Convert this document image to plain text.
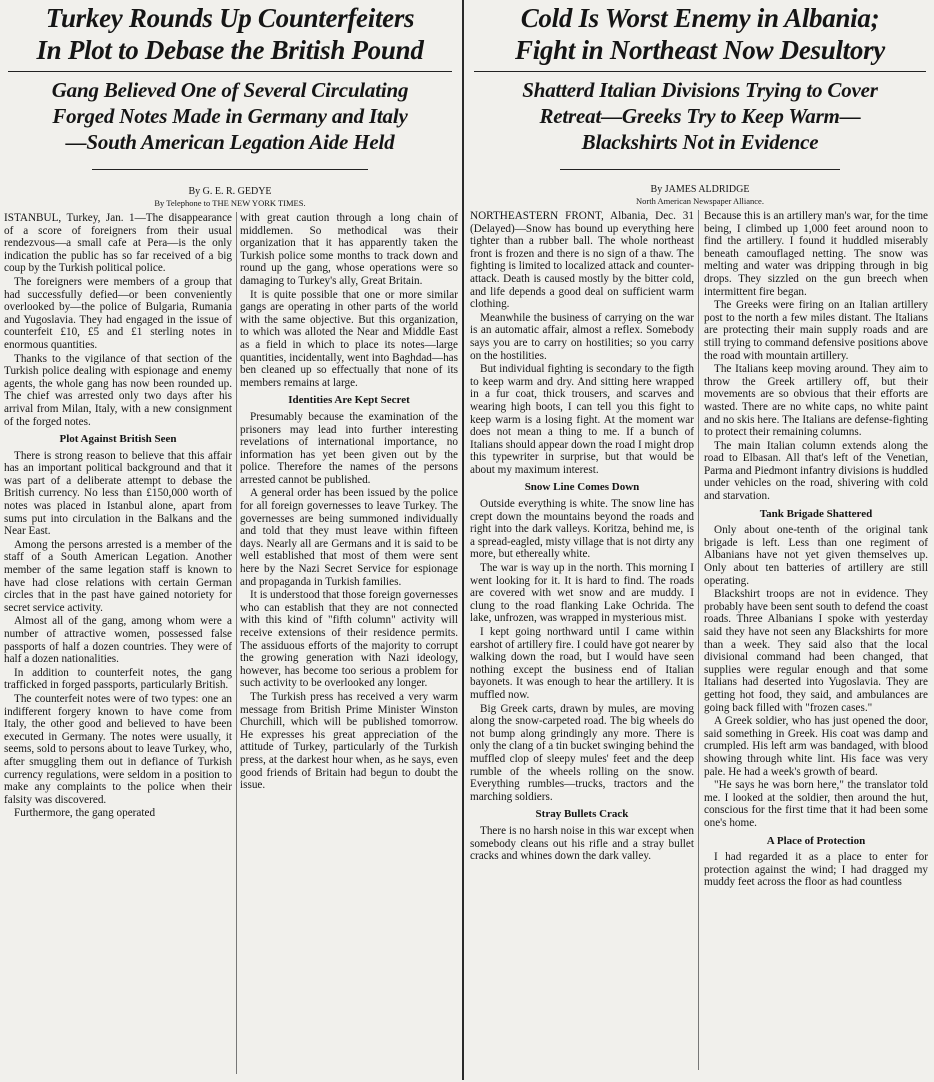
Turkey Rounds Up Counterfeiters
In Plot to Debase the British Pound
Gang Believed One of Several Circulating
Forged Notes Made in Germany and Italy
—South American Legation Aide Held
By G. E. R. GEDYE
By Telephone to THE NEW YORK TIMES.

ISTANBUL, Turkey, Jan. 1—The disappearance of a score of foreigners from their usual rendezvous—a small cafe at Pera—is the only indication the public has so far received of a big coup by the Turkish political police.

The foreigners were members of a group that had successfully defied—or been conveniently overlooked by—the police of Bulgaria, Rumania and Yugoslavia. They had engaged in the issue of counterfeit £10, £5 and £1 sterling notes in enormous quantities.

Thanks to the vigilance of that section of the Turkish police dealing with espionage and enemy agents, the whole gang has now been rounded up. The chief was arrested only two days after his arrival from Milan, Italy, with a new consignment of the forged notes.

Plot Against British Seen

There is strong reason to believe that this affair has an important political background and that it was part of a deliberate attempt to debase the British currency. No less than £150,000 worth of notes was placed in Istanbul alone, apart from sums put into circulation in the Balkans and the Near East.

Among the persons arrested is a member of the staff of a South American Legation. Another member of the same legation staff is known to have had close relations with certain German circles that in the past have gained notoriety for secret service activity.

Almost all of the gang, among whom were a number of attractive women, possessed false passports of half a dozen countries. They were of half a dozen nationalities.

In addition to counterfeit notes, the gang trafficked in forged passports, particularly British.

The counterfeit notes were of two types: one an indifferent forgery known to have come from Italy, the other good and believed to have been executed in Germany. The notes were usually, it seems, sold to persons about to leave Turkey, who, after smuggling them out in defiance of Turkish currency regulations, were seldom in a position to make any complaints to the police when their falsity was discovered.

Furthermore, the gang operated

with great caution through a long chain of middlemen. So methodical was their organization that it has apparently taken the Turkish police some months to track down and round up the gang, whose operations were so damaging to Turkey's ally, Great Britain.

It is quite possible that one or more similar gangs are operating in other parts of the world with the same objective. But this organization, to which was alloted the Near and Middle East as a field in which to place its notes—large quantities, incidentally, went into Baghdad—has ben cleaned up so effectually that none of its members remains at large.

Identities Are Kept Secret

Presumably because the examination of the prisoners may lead into further interesting revelations of international importance, no information has yet been given out by the police. Therefore the names of the persons arrested cannot be published.

A general order has been issued by the police for all foreign governesses to leave Turkey. The governesses are being summoned individually and told that they must leave within fifteen days. Nearly all are Germans and it is said to be well established that most of them were sent here by the Nazi Secret Service for espionage and propaganda in Turkish families.

It is understood that those foreign governesses who can establish that they are not connected with this kind of "fifth column" activity will receive extensions of their residence permits. The assiduous efforts of the majority to corrupt the growing generation with Nazi ideology, however, has become too serious a problem for such activity to be overlooked any longer.

The Turkish press has received a very warm message from British Prime Minister Winston Churchill, which will be published tomorrow. He expresses his great appreciation of the attitude of Turkey, particularly of the Turkish press, at the darkest hour when, as he says, even good friends of Britain had begun to doubt the issue.

Cold Is Worst Enemy in Albania;
Fight in Northeast Now Desultory
Shatterd Italian Divisions Trying to Cover
Retreat—Greeks Try to Keep Warm—
Blackshirts Not in Evidence
By JAMES ALDRIDGE
North American Newspaper Alliance.

NORTHEASTERN FRONT, Albania, Dec. 31 (Delayed)—Snow has bound up everything here tighter than a rubber ball. The whole northeast front is frozen and there is no sign of a thaw. The fighting is limited to localized attack and counter-attack. Death is caused mostly by the bitter cold, and life depends a good deal on sufficient warm clothing.

Meanwhile the business of carrying on the war is an automatic affair, almost a reflex. Somebody says you are to carry on hostilities; so you carry on the hostilities.

But individual fighting is secondary to the figth to keep warm and dry. And sitting here wrapped in a fur coat, thick trousers, and scarves and wearing high boots, I can tell you this fight to keep warm is a losing fight. At the moment war does not mean a thing to me. If a bunch of Italians should appear down the road I might drop this typewriter in surprise, but that would be about my maximum interest.

Snow Line Comes Down

Outside everything is white. The snow line has crept down the mountains beyond the roads and right into the dark valleys. Koritza, behind me, is a spread-eagled, misty village that is not dirty any more, but ethereally white.

The war is way up in the north. This morning I went looking for it. It is hard to find. The roads are covered with wet snow and are muddy. I clung to the road flanking Lake Ochrida. The lake, unfrozen, was wrapped in mysterious mist.

I kept going northward until I came within earshot of artillery fire. I could have got nearer by walking down the road, but I would have seen nothing except the business end of Italian bayonets. It was enough to hear the artillery. It is muffled now.

Big Greek carts, drawn by mules, are moving along the snow-carpeted road. The big wheels do not bump along grindingly any more. There is only the clang of a tin bucket swinging behind the muffled clop of sleepy mules' feet and the deep rumble of the wheels rolling on the snow. Everything rumbles—trucks, tractors and the marching soldiers.

Stray Bullets Crack

There is no harsh noise in this war except when somebody cleans out his rifle and a stray bullet cracks and whines down the dark valley.

Because this is an artillery man's war, for the time being, I climbed up 1,000 feet around noon to find the artillery. I found it huddled miserably beneath camouflaged netting. The snow was melting and water was dripping through in big drops. They sizzled on the gun breech when intermittent fire began.

The Greeks were firing on an Italian artillery post to the north a few miles distant. The Italians are protecting their main supply roads and are still trying to command defensive positions above the road with mountain artillery.

The Italians keep moving around. They aim to throw the Greek artillery off, but their movements are so obvious that their efforts are wasted. There are no white caps, no white paint and no skis here. The Italians are defense-fighting to protect their remaining columns.

The main Italian column extends along the road to Elbasan. All that's left of the Venetian, Parma and Piedmont infantry divisions is huddled under vehicles on the road, shivering with cold and starvation.

Tank Brigade Shattered

Only about one-tenth of the original tank brigade is left. Less than one regiment of Albanians have not yet given themselves up. Only about ten batteries of artillery are still operating.

Blackshirt troops are not in evidence. They probably have been sent south to defend the coast roads. Three Albanians I spoke with yesterday said they have not seen any Blackshirts for more than a week. They said also that the local divisional command had been changed, that supplies were regular enough and that some Italians had deserted into Yugoslavia. They are getting hot food, they said, and ambulances are going back filled with "frozen cases."

A Greek soldier, who has just opened the door, said something in Greek. His coat was damp and crumpled. His left arm was bandaged, with blood showing through white lint. His face was very pale. He had a week's growth of beard.

"He says he was born here," the translator told me. I looked at the soldier, then around the hut, conscious for the first time that it had been some one's home.

A Place of Protection

I had regarded it as a place to enter for protection against the wind; I had dragged my muddy feet across the floor as had countless
